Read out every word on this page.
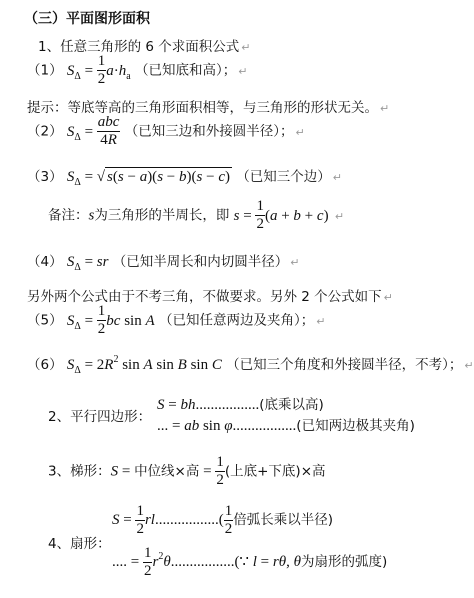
（三）平面图形面积
1、任意三角形的 6 个求面积公式 ↵
（1） $S_\Delta = \frac{1}{2} a\cdot h_a$ （已知底和高）； ↵
提示：等底等高的三角形面积相等，与三角形的形状无关。 ↵
（2） $S_\Delta = \frac{\text{abc}}{4R}$ （已知三边和外接圆半径）； ↵
（3） $S_\Delta$ = √ s(s − a)(s − b)(s − c) （已知三个边） ↵
备注：s为三角形的半周长，即 $s = \frac{1}{2} (a + b + c)$ ↵
（4） $S_\Delta$ = sr （已知半周长和内切圆半径） ↵
另外两个公式由于不考三角，不做要求。另外 2 个公式如下 ↵
（5） $S_\Delta = \frac{1}{2}$ bc sin A （已知任意两边及夹角）； ↵
（6） $S_\Delta = 2R^2$ sin A sin B sin C （已知三个角度和外接圆半径，不考）； ↵
2、平行四边形：
S = bh.................(底乘以高)
... = ab sin φ.................(已知两边极其夹角)
3、梯形：S = 中位线×高 = $\frac{1}{2}$ (上底+下底)×高
4、扇形：
$S = \frac{1}{2} rl.................( \frac{1}{2}$ 倍弧长乘以半径)
.... = $\frac{1}{2}$ $r^2\theta.................(\because$ l = rθ, θ为扇形的弧度)
